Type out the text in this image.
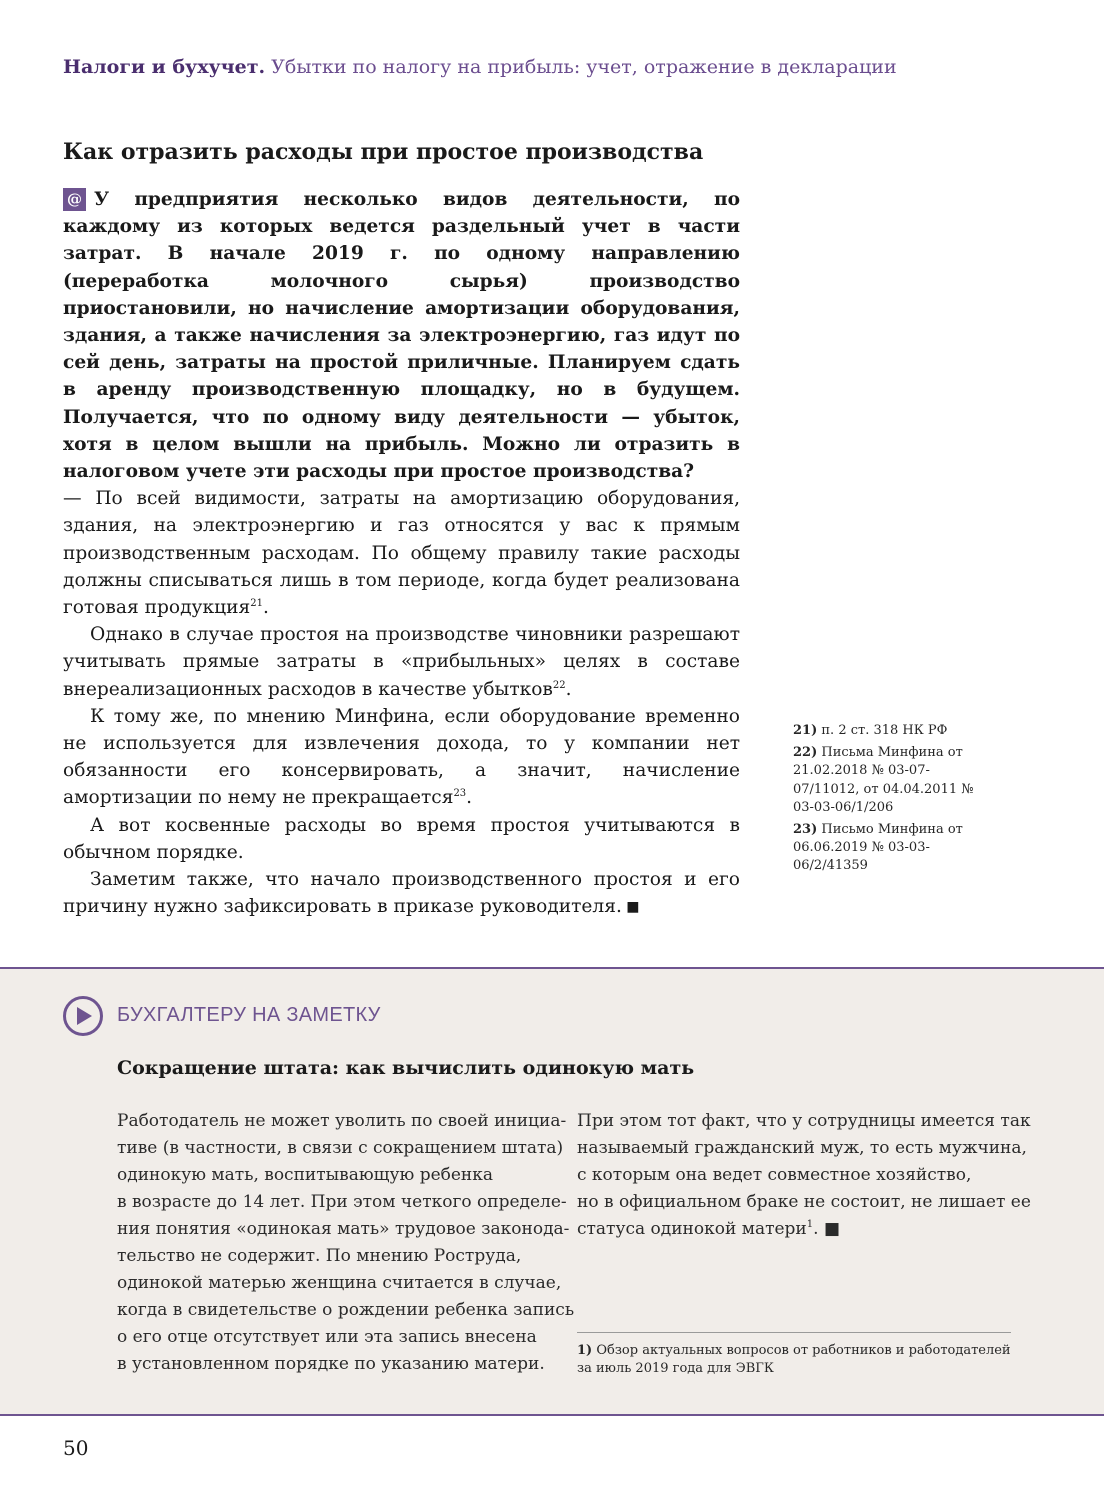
Налоги и бухучет. Убытки по налогу на прибыль: учет, отражение в декларации
Как отразить расходы при простое производства

@ У предприятия несколько видов деятельности, по каждому из которых ведется раздельный учет в части затрат. В начале 2019 г. по одному направлению (переработка молочного сырья) производство приостановили, но начисление амортизации оборудования, здания, а также начисления за электроэнергию, газ идут по сей день, затраты на простой приличные. Планируем сдать в аренду производственную площадку, но в будущем. Получается, что по одному виду деятельности — убыток, хотя в целом вышли на прибыль. Можно ли отразить в налоговом учете эти расходы при простое производства?

— По всей видимости, затраты на амортизацию оборудования, здания, на электроэнергию и газ относятся у вас к прямым производственным расходам. По общему правилу такие расходы должны списываться лишь в том периоде, когда будет реализована готовая продукция$^{21}$.

Однако в случае простоя на производстве чиновники разрешают учитывать прямые затраты в «прибыльных» целях в составе внереализационных расходов в качестве убытков$^{22}$.

К тому же, по мнению Минфина, если оборудование временно не используется для извлечения дохода, то у компании нет обязанности его консервировать, а значит, начисление амортизации по нему не прекращается$^{23}$.

А вот косвенные расходы во время простоя учитываются в обычном порядке.

Заметим также, что начало производственного простоя и его причину нужно зафиксировать в приказе руководителя. ■

21) п. 2 ст. 318 НК РФ

22) Письма Минфина от 21.02.2018 № 03-07-07/11012, от 04.04.2011 № 03-03-06/1/206

23) Письмо Минфина от 06.06.2019 № 03-03-06/2/41359

БУХГАЛТЕРУ НА ЗАМЕТКУ
Сокращение штата: как вычислить одинокую мать
Работодатель не может уволить по своей инициа-
тиве (в частности, в связи с сокращением штата)
одинокую мать, воспитывающую ребенка
в возрасте до 14 лет. При этом четкого определе-
ния понятия «одинокая мать» трудовое законода-
тельство не содержит. По мнению Роструда,
одинокой матерью женщина считается в случае,
когда в свидетельстве о рождении ребенка запись
о его отце отсутствует или эта запись внесена
в установленном порядке по указанию матери.
При этом тот факт, что у сотрудницы имеется так
называемый гражданский муж, то есть мужчина,
с которым она ведет совместное хозяйство,
но в официальном браке не состоит, не лишает ее
статуса одинокой матери$^1$. ■
1) Обзор актуальных вопросов от работников и работодателей за июль 2019 года для ЭВГК
50
